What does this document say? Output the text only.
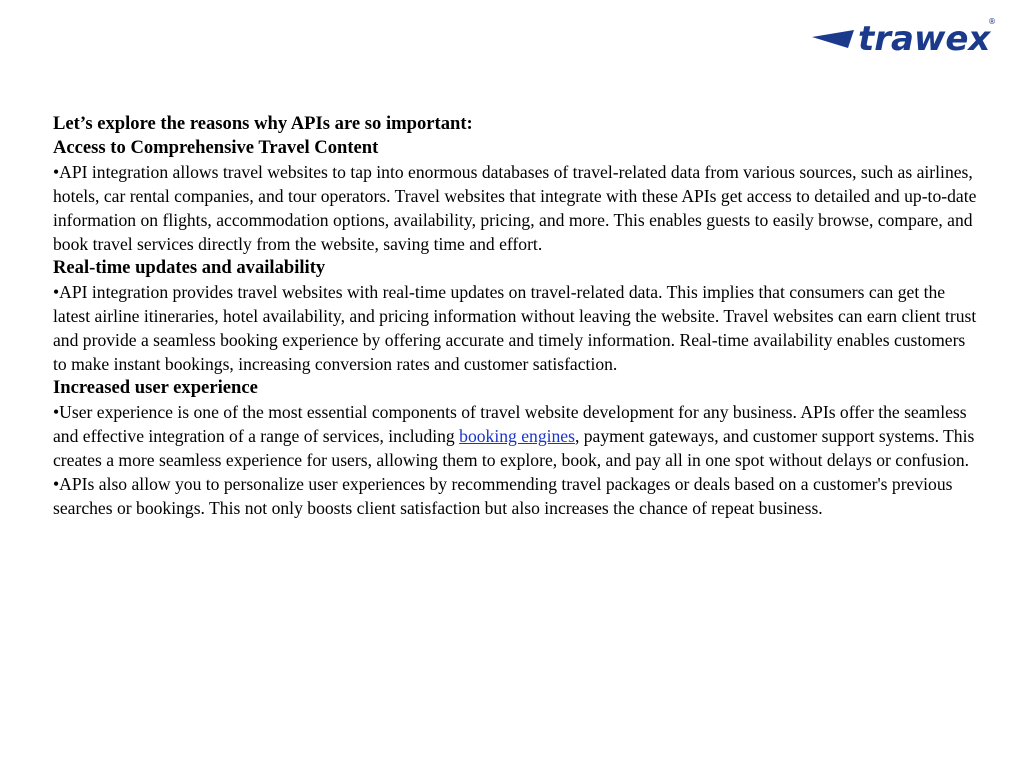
trawex
®

Let’s explore the reasons why APIs are so important:

Access to Comprehensive Travel Content

•API integration allows travel websites to tap into enormous databases of travel-related data from various sources, such as airlines, hotels, car rental companies, and tour operators. Travel websites that integrate with these APIs get access to detailed and up-to-date information on flights, accommodation options, availability, pricing, and more. This enables guests to easily browse, compare, and book travel services directly from the website, saving time and effort.

Real-time updates and availability

•API integration provides travel websites with real-time updates on travel-related data. This implies that consumers can get the latest airline itineraries, hotel availability, and pricing information without leaving the website. Travel websites can earn client trust and provide a seamless booking experience by offering accurate and timely information. Real-time availability enables customers to make instant bookings, increasing conversion rates and customer satisfaction.

Increased user experience

•User experience is one of the most essential components of travel website development for any business. APIs offer the seamless and effective integration of a range of services, including booking engines, payment gateways, and customer support systems. This creates a more seamless experience for users, allowing them to explore, book, and pay all in one spot without delays or confusion.

•APIs also allow you to personalize user experiences by recommending travel packages or deals based on a customer's previous searches or bookings. This not only boosts client satisfaction but also increases the chance of repeat business.
